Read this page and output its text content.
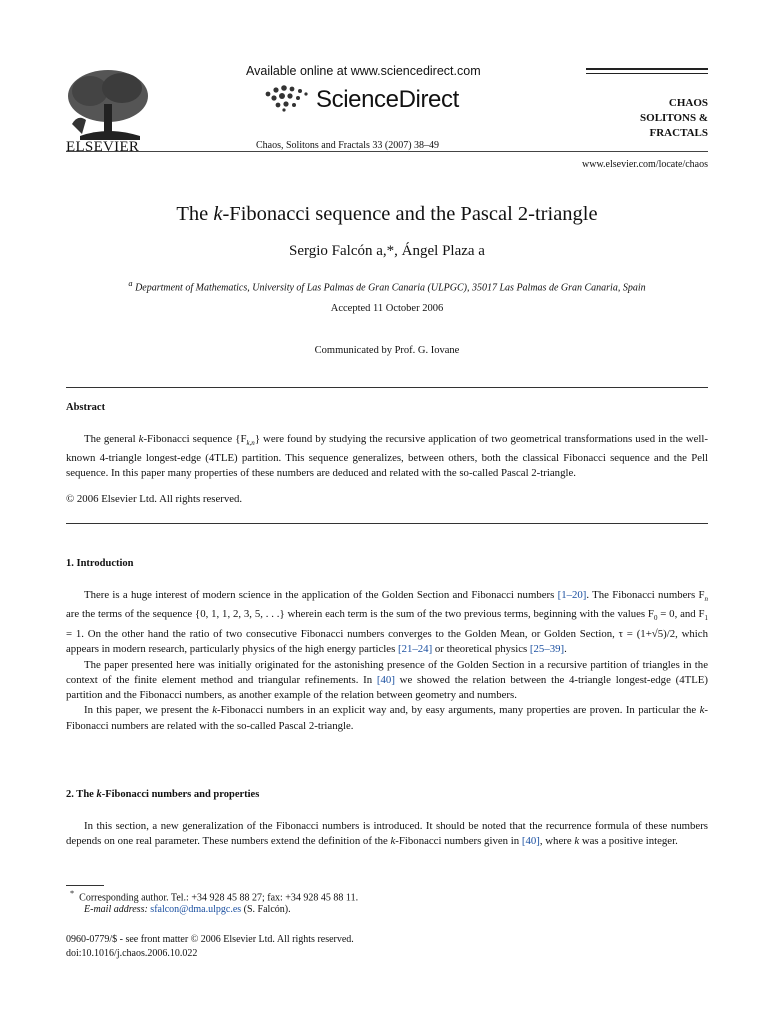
ELSEVIER
Available online at www.sciencedirect.com
ScienceDirect
Chaos, Solitons and Fractals 33 (2007) 38–49
CHAOS
SOLITONS & FRACTALS
www.elsevier.com/locate/chaos
The k-Fibonacci sequence and the Pascal 2-triangle
Sergio Falcón a,*, Ángel Plaza a
$^a$ Department of Mathematics, University of Las Palmas de Gran Canaria (ULPGC), 35017 Las Palmas de Gran Canaria, Spain
Accepted 11 October 2006
Communicated by Prof. G. Iovane
Abstract

The general k-Fibonacci sequence $\{F_{k,n}\}$ were found by studying the recursive application of two geometrical transformations used in the well-known 4-triangle longest-edge (4TLE) partition. This sequence generalizes, between others, both the classical Fibonacci sequence and the Pell sequence. In this paper many properties of these numbers are deduced and related with the so-called Pascal 2-triangle.

© 2006 Elsevier Ltd. All rights reserved.
1. Introduction

There is a huge interest of modern science in the application of the Golden Section and Fibonacci numbers [1–20]. The Fibonacci numbers $F_n$ are the terms of the sequence {0, 1, 1, 2, 3, 5, . . .} wherein each term is the sum of the two previous terms, beginning with the values $F_0 = 0$, and $F_1 = 1$. On the other hand the ratio of two consecutive Fibonacci numbers converges to the Golden Mean, or Golden Section, τ = (1+√5)/2, which appears in modern research, particularly physics of the high energy particles [21–24] or theoretical physics [25–39].

The paper presented here was initially originated for the astonishing presence of the Golden Section in a recursive partition of triangles in the context of the finite element method and triangular refinements. In [40] we showed the relation between the 4-triangle longest-edge (4TLE) partition and the Fibonacci numbers, as another example of the relation between geometry and numbers.

In this paper, we present the k-Fibonacci numbers in an explicit way and, by easy arguments, many properties are proven. In particular the k-Fibonacci numbers are related with the so-called Pascal 2-triangle.

2. The k-Fibonacci numbers and properties

In this section, a new generalization of the Fibonacci numbers is introduced. It should be noted that the recurrence formula of these numbers depends on one real parameter. These numbers extend the definition of the k-Fibonacci numbers given in [40], where k was a positive integer.

* Corresponding author. Tel.: +34 928 45 88 27; fax: +34 928 45 88 11.
E-mail address: sfalcon@dma.ulpgc.es (S. Falcón).
0960-0779/$ - see front matter © 2006 Elsevier Ltd. All rights reserved.
doi:10.1016/j.chaos.2006.10.022
